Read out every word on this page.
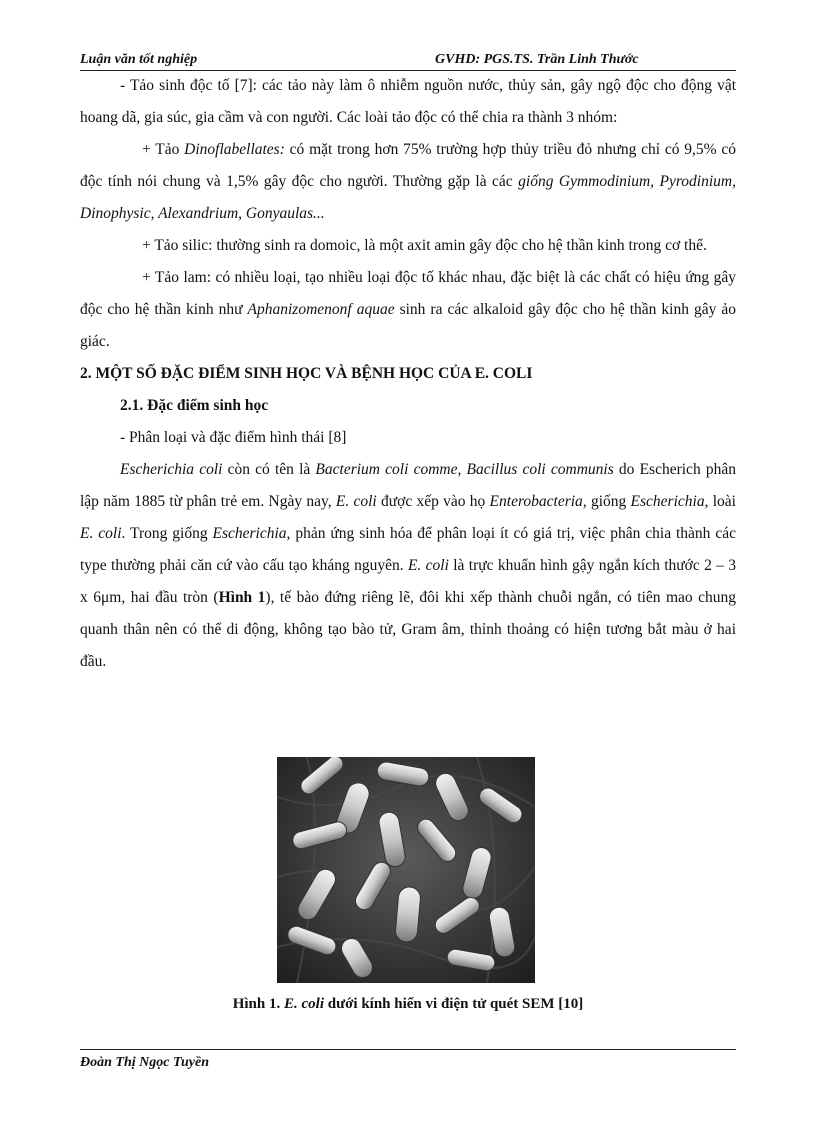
Luận văn tốt nghiệp	GVHD: PGS.TS. Trần Linh Thước

- Tảo sinh độc tố [7]: các tảo này làm ô nhiễm nguồn nước, thủy sản, gây ngộ độc cho động vật hoang dã, gia súc, gia cầm và con người. Các loài tảo độc có thể chia ra thành 3 nhóm:

+ Tảo Dinoflabellates: có mặt trong hơn 75% trường hợp thủy triều đỏ nhưng chỉ có 9,5% có độc tính nói chung và 1,5% gây độc cho người. Thường gặp là các giống Gymmodinium, Pyrodinium, Dinophysic, Alexandrium, Gonyaulas...

+ Tảo silic: thường sinh ra domoic, là một axit amin gây độc cho hệ thần kinh trong cơ thể.

+ Tảo lam: có nhiều loại, tạo nhiều loại độc tố khác nhau, đặc biệt là các chất có hiệu ứng gây độc cho hệ thần kinh như Aphanizomenonf aquae sinh ra các alkaloid gây độc cho hệ thần kinh gây ảo giác.

2. MỘT SỐ ĐẶC ĐIỂM SINH HỌC VÀ BỆNH HỌC CỦA E. COLI

2.1. Đặc điểm sinh học

- Phân loại và đặc điểm hình thái [8]

Escherichia coli còn có tên là Bacterium coli comme, Bacillus coli communis do Escherich phân lập năm 1885 từ phân trẻ em. Ngày nay, E. coli được xếp vào họ Enterobacteria, giống Escherichia, loài E. coli. Trong giống Escherichia, phản ứng sinh hóa để phân loại ít có giá trị, việc phân chia thành các type thường phải căn cứ vào cấu tạo kháng nguyên. E. coli là trực khuẩn hình gậy ngắn kích thước 2 – 3 x 6μm, hai đầu tròn (Hình 1), tế bào đứng riêng lẽ, đôi khi xếp thành chuỗi ngắn, có tiên mao chung quanh thân nên có thể di động, không tạo bào tử, Gram âm, thỉnh thoảng có hiện tương bắt màu ở hai đầu.

Hình 1. E. coli dưới kính hiển vi điện tử quét SEM [10]
Đoàn Thị Ngọc Tuyền
